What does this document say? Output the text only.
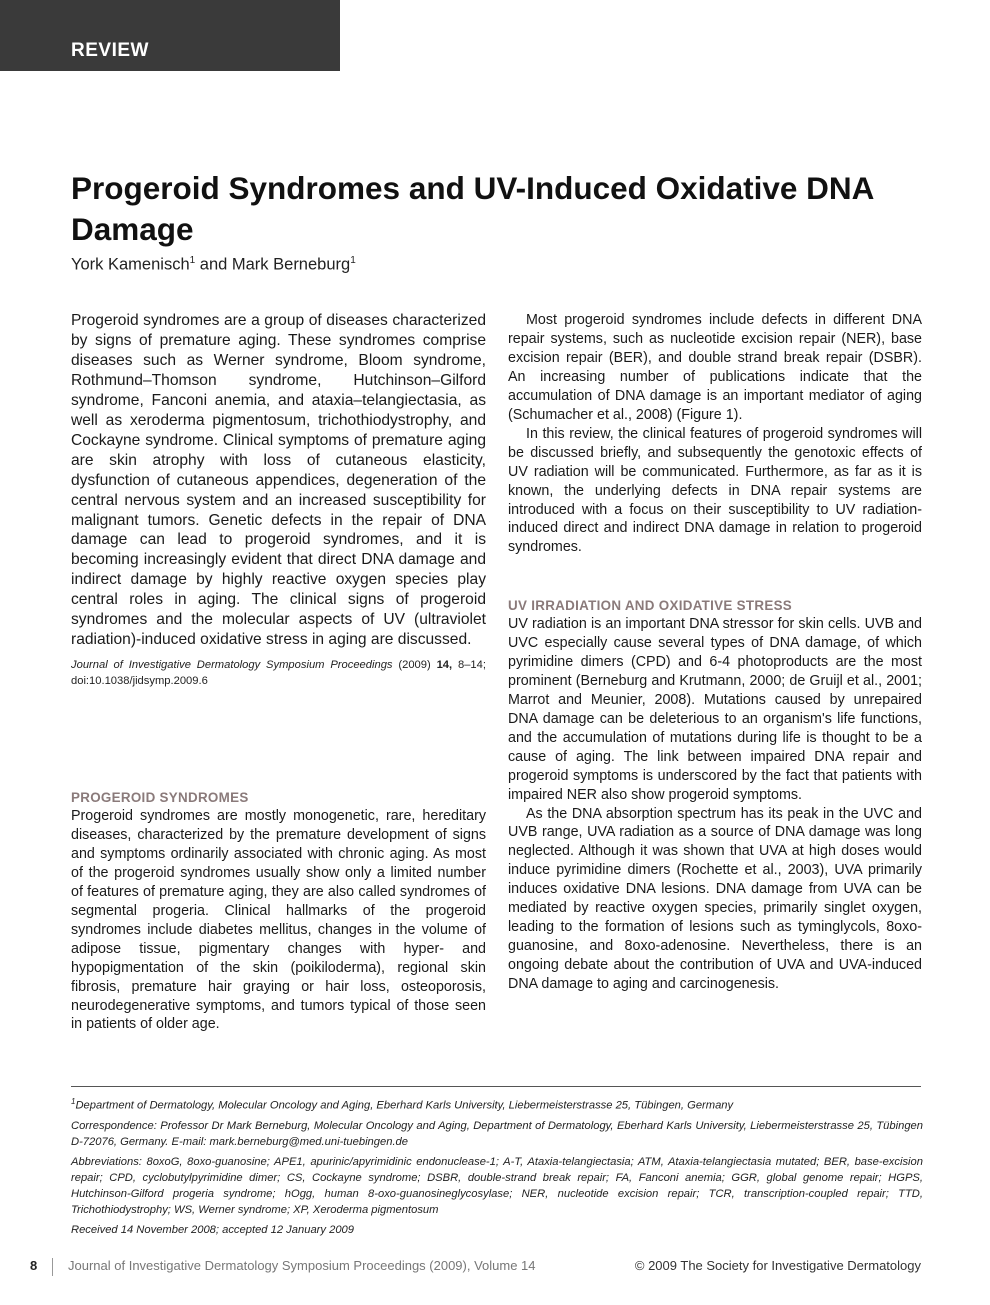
REVIEW
Progeroid Syndromes and UV-Induced Oxidative DNA Damage
York Kamenisch$^1$ and Mark Berneburg$^1$

Progeroid syndromes are a group of diseases characterized by signs of premature aging. These syndromes comprise diseases such as Werner syndrome, Bloom syndrome, Rothmund–Thomson syndrome, Hutchinson–Gilford syndrome, Fanconi anemia, and ataxia–telangiectasia, as well as xeroderma pigmentosum, trichothiodystrophy, and Cockayne syndrome. Clinical symptoms of premature aging are skin atrophy with loss of cutaneous elasticity, dysfunction of cutaneous appendices, degeneration of the central nervous system and an increased susceptibility for malignant tumors. Genetic defects in the repair of DNA damage can lead to progeroid syndromes, and it is becoming increasingly evident that direct DNA damage and indirect damage by highly reactive oxygen species play central roles in aging. The clinical signs of progeroid syndromes and the molecular aspects of UV (ultraviolet radiation)-induced oxidative stress in aging are discussed.

Journal of Investigative Dermatology Symposium Proceedings (2009) 14, 8–14; doi:10.1038/jidsymp.2009.6

Most progeroid syndromes include defects in different DNA repair systems, such as nucleotide excision repair (NER), base excision repair (BER), and double strand break repair (DSBR). An increasing number of publications indicate that the accumulation of DNA damage is an important mediator of aging (Schumacher et al., 2008) (Figure 1).

In this review, the clinical features of progeroid syndromes will be discussed briefly, and subsequently the genotoxic effects of UV radiation will be communicated. Furthermore, as far as it is known, the underlying defects in DNA repair systems are introduced with a focus on their susceptibility to UV radiation-induced direct and indirect DNA damage in relation to progeroid syndromes.

PROGEROID SYNDROMES

Progeroid syndromes are mostly monogenetic, rare, hereditary diseases, characterized by the premature development of signs and symptoms ordinarily associated with chronic aging. As most of the progeroid syndromes usually show only a limited number of features of premature aging, they are also called syndromes of segmental progeria. Clinical hallmarks of the progeroid syndromes include diabetes mellitus, changes in the volume of adipose tissue, pigmentary changes with hyper- and hypopigmentation of the skin (poikiloderma), regional skin fibrosis, premature hair graying or hair loss, osteoporosis, neurodegenerative symptoms, and tumors typical of those seen in patients of older age.

UV IRRADIATION AND OXIDATIVE STRESS

UV radiation is an important DNA stressor for skin cells. UVB and UVC especially cause several types of DNA damage, of which pyrimidine dimers (CPD) and 6-4 photoproducts are the most prominent (Berneburg and Krutmann, 2000; de Gruijl et al., 2001; Marrot and Meunier, 2008). Mutations caused by unrepaired DNA damage can be deleterious to an organism's life functions, and the accumulation of mutations during life is thought to be a cause of aging. The link between impaired DNA repair and progeroid symptoms is underscored by the fact that patients with impaired NER also show progeroid symptoms.

As the DNA absorption spectrum has its peak in the UVC and UVB range, UVA radiation as a source of DNA damage was long neglected. Although it was shown that UVA at high doses would induce pyrimidine dimers (Rochette et al., 2003), UVA primarily induces oxidative DNA lesions. DNA damage from UVA can be mediated by reactive oxygen species, primarily singlet oxygen, leading to the formation of lesions such as tyminglycols, 8oxo-guanosine, and 8oxo-adenosine. Nevertheless, there is an ongoing debate about the contribution of UVA and UVA-induced DNA damage to aging and carcinogenesis.

$^1$Department of Dermatology, Molecular Oncology and Aging, Eberhard Karls University, Liebermeisterstrasse 25, Tübingen, Germany

Correspondence: Professor Dr Mark Berneburg, Molecular Oncology and Aging, Department of Dermatology, Eberhard Karls University, Liebermeisterstrasse 25, Tübingen D-72076, Germany. E-mail: mark.berneburg@med.uni-tuebingen.de

Abbreviations: 8oxoG, 8oxo-guanosine; APE1, apurinic/apyrimidinic endonuclease-1; A-T, Ataxia-telangiectasia; ATM, Ataxia-telangiectasia mutated; BER, base-excision repair; CPD, cyclobutylpyrimidine dimer; CS, Cockayne syndrome; DSBR, double-strand break repair; FA, Fanconi anemia; GGR, global genome repair; HGPS, Hutchinson-Gilford progeria syndrome; hOgg, human 8-oxo-guanosineglycosylase; NER, nucleotide excision repair; TCR, transcription-coupled repair; TTD, Trichothiodystrophy; WS, Werner syndrome; XP, Xeroderma pigmentosum

Received 14 November 2008; accepted 12 January 2009

8 Journal of Investigative Dermatology Symposium Proceedings (2009), Volume 14	© 2009 The Society for Investigative Dermatology
